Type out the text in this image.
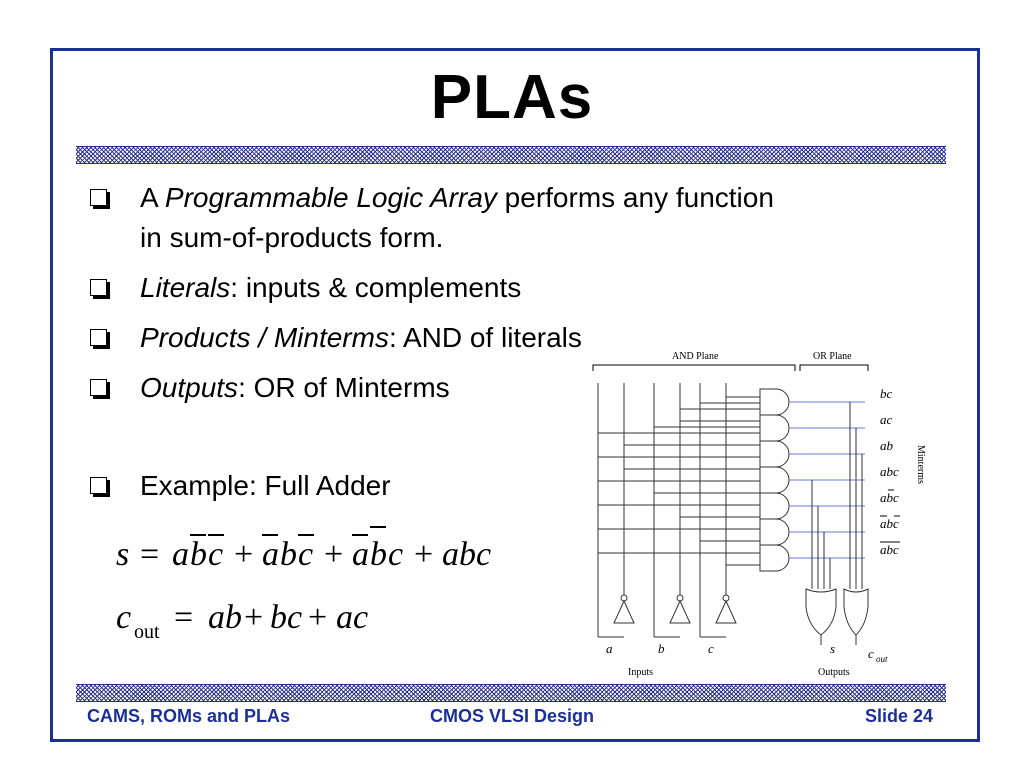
PLAs
A Programmable Logic Array performs any function
in sum-of-products form.
Literals: inputs & complements
Products / Minterms: AND of literals
Outputs: OR of Minterms
Example: Full Adder
s = a b c + a b c + a b c + abc
c out = ab + bc + ac
AND Plane	OR Plane
Minterms
Inputs	Outputs
a	b	c	s	c out
bc
ac
ab
abc
abc
abc
abc
CAMS, ROMs and PLAs	CMOS VLSI Design	Slide 24
